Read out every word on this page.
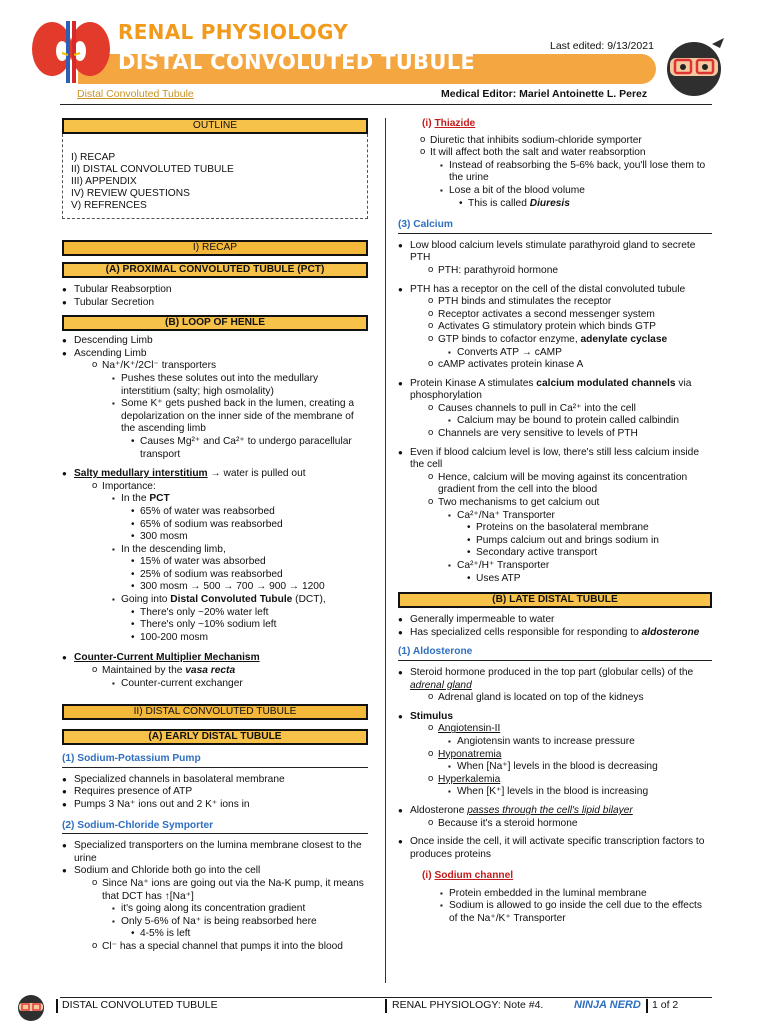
RENAL PHYSIOLOGY
DISTAL CONVOLUTED TUBULE
Last edited: 9/13/2021
Distal Convoluted Tubule	Medical Editor: Mariel Antoinette L. Perez
OUTLINE
I) RECAP
II) DISTAL CONVOLUTED TUBULE
III) APPENDIX
IV) REVIEW QUESTIONS
V) REFRENCES
I) RECAP
(A) PROXIMAL CONVOLUTED TUBULE (PCT)
● Tubular Reabsorption
● Tubular Secretion
(B) LOOP OF HENLE
● Descending Limb
● Ascending Limb
o Na⁺/K⁺/2Cl⁻ transporters
▪ Pushes these solutes out into the medullary interstitium (salty; high osmolality)
▪ Some K⁺ gets pushed back in the lumen, creating a depolarization on the inner side of the membrane of the ascending limb
• Causes Mg²⁺ and Ca²⁺ to undergo paracellular transport
● Salty medullary interstitium → water is pulled out
o Importance:
▪ In the PCT
• 65% of water was reabsorbed
• 65% of sodium was reabsorbed
• 300 mosm
▪ In the descending limb,
• 15% of water was absorbed
• 25% of sodium was reabsorbed
• 300 mosm → 500 → 700 → 900 → 1200
▪ Going into Distal Convoluted Tubule (DCT),
• There's only ~20% water left
• There's only ~10% sodium left
• 100-200 mosm
● Counter-Current Multiplier Mechanism
o Maintained by the vasa recta
▪ Counter-current exchanger
II) DISTAL CONVOLUTED TUBULE
(A) EARLY DISTAL TUBULE
(1) Sodium-Potassium Pump
● Specialized channels in basolateral membrane
● Requires presence of ATP
● Pumps 3 Na⁺ ions out and 2 K⁺ ions in
(2) Sodium-Chloride Symporter
● Specialized transporters on the lumina membrane closest to the urine
● Sodium and Chloride both go into the cell
o Since Na⁺ ions are going out via the Na-K pump, it means that DCT has ↑[Na⁺]
▪ it's going along its concentration gradient
▪ Only 5-6% of Na⁺ is being reabsorbed here
• 4-5% is left
o Cl⁻ has a special channel that pumps it into the blood
(i) Thiazide
o Diuretic that inhibits sodium-chloride symporter
o It will affect both the salt and water reabsorption
▪ Instead of reabsorbing the 5-6% back, you'll lose them to the urine
▪ Lose a bit of the blood volume
• This is called Diuresis
(3) Calcium
● Low blood calcium levels stimulate parathyroid gland to secrete PTH
o PTH: parathyroid hormone
● PTH has a receptor on the cell of the distal convoluted tubule
o PTH binds and stimulates the receptor
o Receptor activates a second messenger system
o Activates G stimulatory protein which binds GTP
o GTP binds to cofactor enzyme, adenylate cyclase
▪ Converts ATP → cAMP
o cAMP activates protein kinase A
● Protein Kinase A stimulates calcium modulated channels via phosphorylation
o Causes channels to pull in Ca²⁺ into the cell
▪ Calcium may be bound to protein called calbindin
o Channels are very sensitive to levels of PTH
● Even if blood calcium level is low, there's still less calcium inside the cell
o Hence, calcium will be moving against its concentration gradient from the cell into the blood
o Two mechanisms to get calcium out
▪ Ca²⁺/Na⁺ Transporter
• Proteins on the basolateral membrane
• Pumps calcium out and brings sodium in
• Secondary active transport
▪ Ca²⁺/H⁺ Transporter
• Uses ATP
(B) LATE DISTAL TUBULE
● Generally impermeable to water
● Has specialized cells responsible for responding to aldosterone
(1) Aldosterone
● Steroid hormone produced in the top part (globular cells) of the adrenal gland
o Adrenal gland is located on top of the kidneys
● Stimulus
o Angiotensin-II
▪ Angiotensin wants to increase pressure
o Hyponatremia
▪ When [Na⁺] levels in the blood is decreasing
o Hyperkalemia
▪ When [K⁺] levels in the blood is increasing
● Aldosterone passes through the cell's lipid bilayer
o Because it's a steroid hormone
● Once inside the cell, it will activate specific transcription factors to produces proteins
(i) Sodium channel
▪ Protein embedded in the luminal membrane
▪ Sodium is allowed to go inside the cell due to the effects of the Na⁺/K⁺ Transporter
DISTAL CONVOLUTED TUBULE	RENAL PHYSIOLOGY: Note #4.	NINJA NERD 1 of 2
